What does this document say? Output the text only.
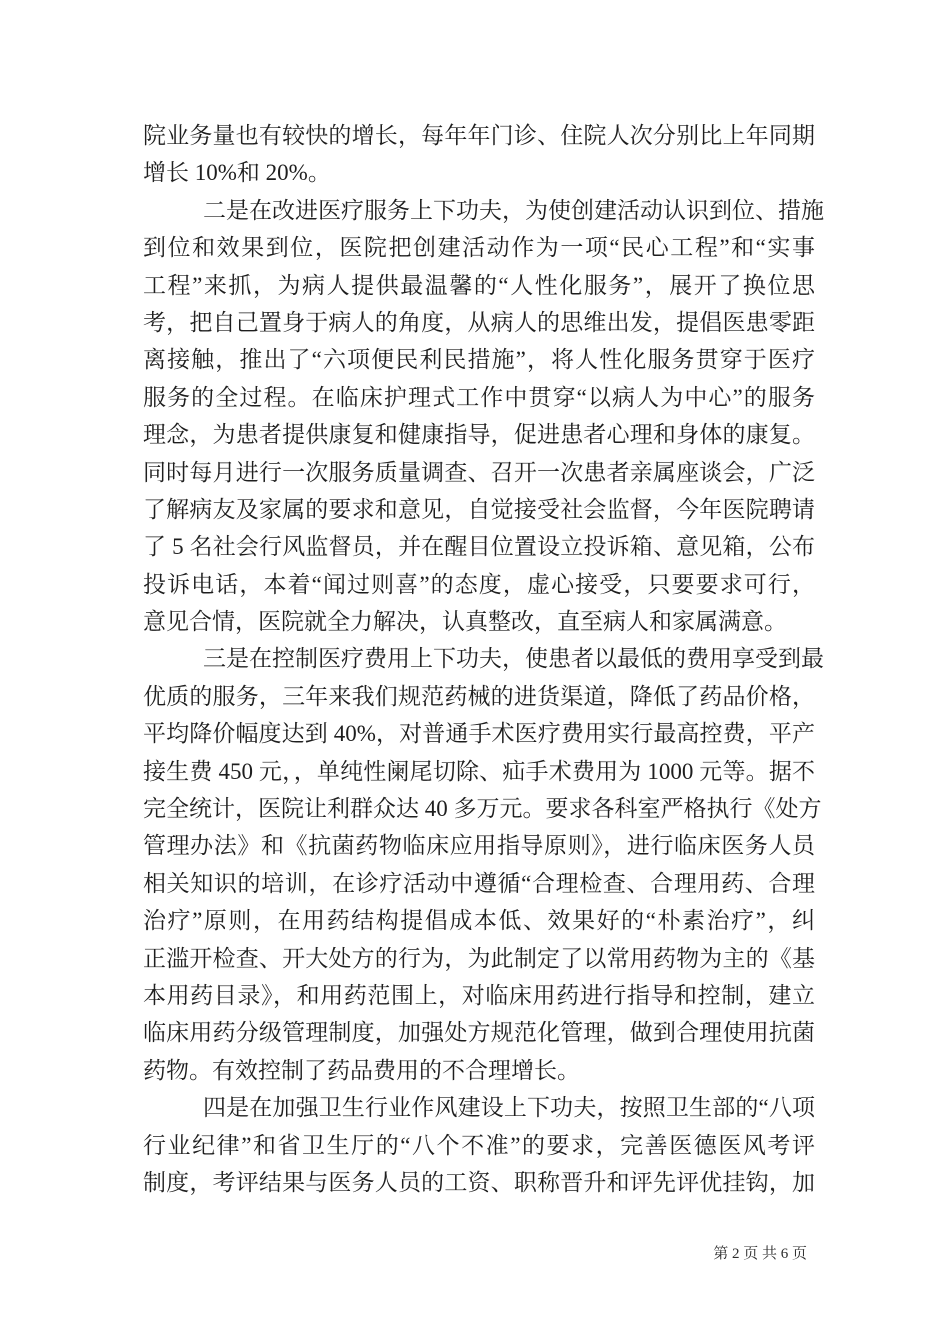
院业务量也有较快的增长，每年年门诊、住院人次分别比上年同期
增长 10%和 20%。
二是在改进医疗服务上下功夫，为使创建活动认识到位、措施
到位和效果到位，医院把创建活动作为一项“民心工程”和“实事
工程”来抓，为病人提供最温馨的“人性化服务”，展开了换位思
考，把自己置身于病人的角度，从病人的思维出发，提倡医患零距
离接触，推出了“六项便民利民措施”，将人性化服务贯穿于医疗
服务的全过程。在临床护理式工作中贯穿“以病人为中心”的服务
理念，为患者提供康复和健康指导，促进患者心理和身体的康复。
同时每月进行一次服务质量调查、召开一次患者亲属座谈会，广泛
了解病友及家属的要求和意见，自觉接受社会监督，今年医院聘请
了 5 名社会行风监督员，并在醒目位置设立投诉箱、意见箱，公布
投诉电话，本着“闻过则喜”的态度，虚心接受，只要要求可行，
意见合情，医院就全力解决，认真整改，直至病人和家属满意。
三是在控制医疗费用上下功夫，使患者以最低的费用享受到最
优质的服务，三年来我们规范药械的进货渠道，降低了药品价格，
平均降价幅度达到 40%，对普通手术医疗费用实行最高控费，平产
接生费 450 元，，单纯性阑尾切除、疝手术费用为 1000 元等。据不
完全统计，医院让利群众达 40 多万元。要求各科室严格执行《处方
管理办法》和《抗菌药物临床应用指导原则》，进行临床医务人员
相关知识的培训，在诊疗活动中遵循“合理检查、合理用药、合理
治疗”原则，在用药结构提倡成本低、效果好的“朴素治疗”，纠
正滥开检查、开大处方的行为，为此制定了以常用药物为主的《基
本用药目录》，和用药范围上，对临床用药进行指导和控制，建立
临床用药分级管理制度，加强处方规范化管理，做到合理使用抗菌
药物。有效控制了药品费用的不合理增长。
四是在加强卫生行业作风建设上下功夫，按照卫生部的“八项
行业纪律”和省卫生厅的“八个不准”的要求，完善医德医风考评
制度，考评结果与医务人员的工资、职称晋升和评先评优挂钩，加
第 2 页 共 6 页
